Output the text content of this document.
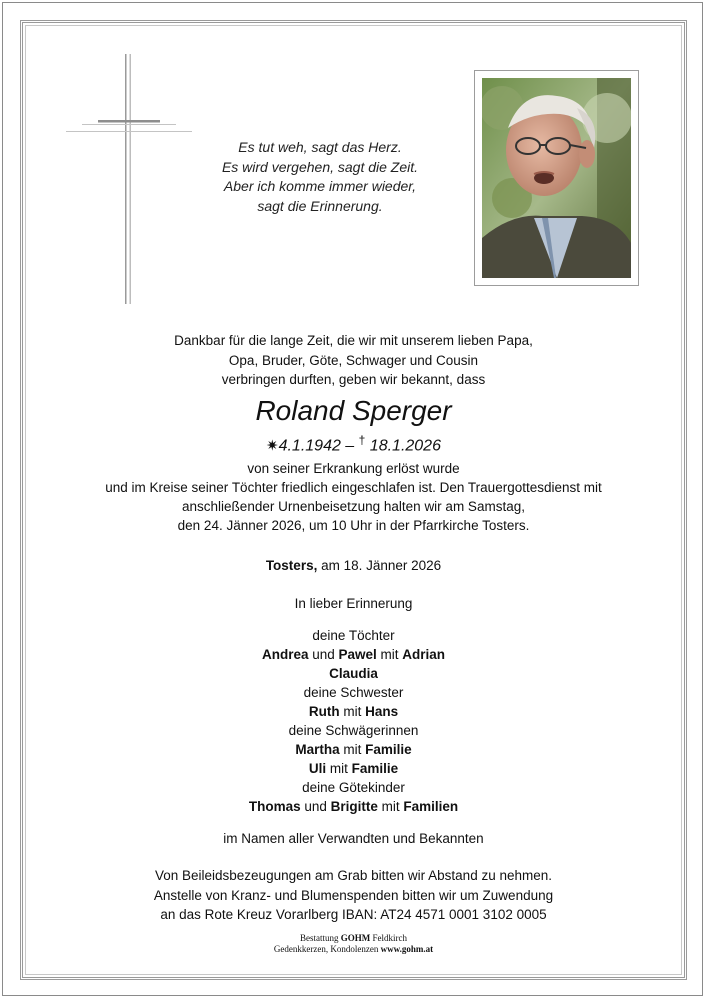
Es tut weh, sagt das Herz.
Es wird vergehen, sagt die Zeit.
Aber ich komme immer wieder,
sagt die Erinnerung.
Dankbar für die lange Zeit, die wir mit unserem lieben Papa,
Opa, Bruder, Göte, Schwager und Cousin
verbringen durften, geben wir bekannt, dass
Roland Sperger
✷4.1.1942 – † 18.1.2026
von seiner Erkrankung erlöst wurde
und im Kreise seiner Töchter friedlich eingeschlafen ist. Den Trauergottesdienst mit
anschließender Urnenbeisetzung halten wir am Samstag,
den 24. Jänner 2026, um 10 Uhr in der Pfarrkirche Tosters.
Tosters, am 18. Jänner 2026
In lieber Erinnerung
deine Töchter
Andrea und Pawel mit Adrian
Claudia
deine Schwester
Ruth mit Hans
deine Schwägerinnen
Martha mit Familie
Uli mit Familie
deine Götekinder
Thomas und Brigitte mit Familien
im Namen aller Verwandten und Bekannten
Von Beileidsbezeugungen am Grab bitten wir Abstand zu nehmen.
Anstelle von Kranz- und Blumenspenden bitten wir um Zuwendung
an das Rote Kreuz Vorarlberg IBAN: AT24 4571 0001 3102 0005
Bestattung GOHM Feldkirch
Gedenkkerzen, Kondolenzen www.gohm.at
